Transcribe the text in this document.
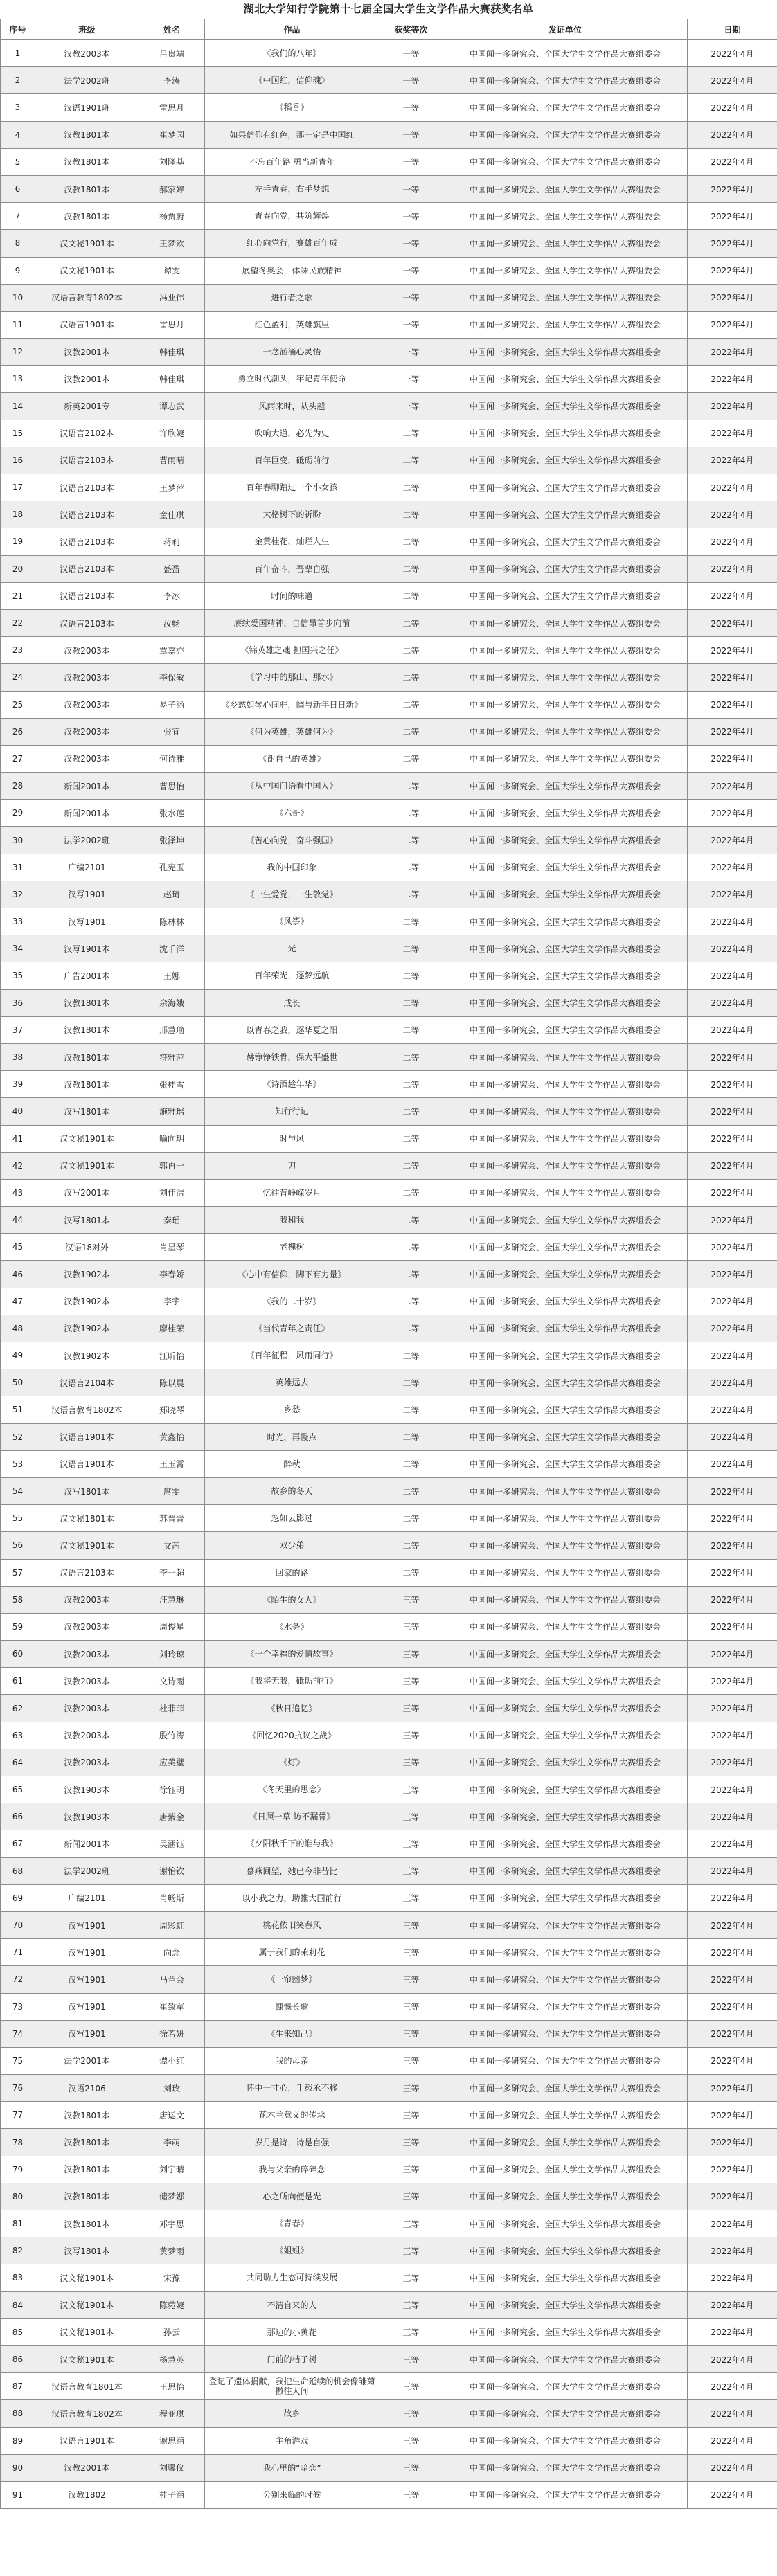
湖北大学知行学院第十七届全国大学生文学作品大赛获奖名单
序号	班级	姓名	作品	获奖等次	发证单位	日期
1	汉教2003本	吕贵靖	《我们的八年》	一等	中国闻一多研究会、全国大学生文学作品大赛组委会	2022年4月
2	法学2002班	李涛	《中国红，信仰魂》	一等	中国闻一多研究会、全国大学生文学作品大赛组委会	2022年4月
3	汉语1901班	雷思月	《稻香》	一等	中国闻一多研究会、全国大学生文学作品大赛组委会	2022年4月
4	汉教1801本	崔梦园	如果信仰有红色，那一定是中国红	一等	中国闻一多研究会、全国大学生文学作品大赛组委会	2022年4月
5	汉教1801本	刘隆基	不忘百年路 勇当新青年	一等	中国闻一多研究会、全国大学生文学作品大赛组委会	2022年4月
6	汉教1801本	郝家婷	左手青春，右手梦想	一等	中国闻一多研究会、全国大学生文学作品大赛组委会	2022年4月
7	汉教1801本	杨贾蔚	青春向党，共筑辉煌	一等	中国闻一多研究会、全国大学生文学作品大赛组委会	2022年4月
8	汉文秘1901本	王梦欢	红心向党行，赛雄百年成	一等	中国闻一多研究会、全国大学生文学作品大赛组委会	2022年4月
9	汉文秘1901本	谭雯	展望冬奥会，体味民族精神	一等	中国闻一多研究会、全国大学生文学作品大赛组委会	2022年4月
10	汉语言教育1802本	冯业伟	进行者之歌	一等	中国闻一多研究会、全国大学生文学作品大赛组委会	2022年4月
11	汉语言1901本	雷思月	红色盈利，英雄旗里	一等	中国闻一多研究会、全国大学生文学作品大赛组委会	2022年4月
12	汉教2001本	韩佳琪	一念涵涌心灵悟	一等	中国闻一多研究会、全国大学生文学作品大赛组委会	2022年4月
13	汉教2001本	韩佳琪	勇立时代潮头，牢记青年使命	一等	中国闻一多研究会、全国大学生文学作品大赛组委会	2022年4月
14	新英2001专	谭志武	风雨来时，从头越	一等	中国闻一多研究会、全国大学生文学作品大赛组委会	2022年4月
15	汉语言2102本	许欣婕	吹响大道，必先为史	二等	中国闻一多研究会、全国大学生文学作品大赛组委会	2022年4月
16	汉语言2103本	曹雨晴	百年巨变，砥砺前行	二等	中国闻一多研究会、全国大学生文学作品大赛组委会	2022年4月
17	汉语言2103本	王梦萍	百年春聊踏过一个小女孩	二等	中国闻一多研究会、全国大学生文学作品大赛组委会	2022年4月
18	汉语言2103本	童佳琪	大格树下的祈盼	二等	中国闻一多研究会、全国大学生文学作品大赛组委会	2022年4月
19	汉语言2103本	蒋莉	金黄桂花，灿烂人生	二等	中国闻一多研究会、全国大学生文学作品大赛组委会	2022年4月
20	汉语言2103本	盛盈	百年奋斗，吾辈自强	二等	中国闻一多研究会、全国大学生文学作品大赛组委会	2022年4月
21	汉语言2103本	李冰	时间的味道	二等	中国闻一多研究会、全国大学生文学作品大赛组委会	2022年4月
22	汉语言2103本	汝畅	赓续爱国精神，自信昂首步向前	二等	中国闻一多研究会、全国大学生文学作品大赛组委会	2022年4月
23	汉教2003本	覃嘉亦	《锦英雄之魂 担国兴之任》	二等	中国闻一多研究会、全国大学生文学作品大赛组委会	2022年4月
24	汉教2003本	李保敏	《学习中的那山、那水》	二等	中国闻一多研究会、全国大学生文学作品大赛组委会	2022年4月
25	汉教2003本	易子涵	《乡愁如琴心间驻，阔与新年日日新》	二等	中国闻一多研究会、全国大学生文学作品大赛组委会	2022年4月
26	汉教2003本	张宜	《何为英雄，英雄何为》	二等	中国闻一多研究会、全国大学生文学作品大赛组委会	2022年4月
27	汉教2003本	何诗雅	《谢自己的英雄》	二等	中国闻一多研究会、全国大学生文学作品大赛组委会	2022年4月
28	新闻2001本	曹思怡	《从中国门语看中国人》	二等	中国闻一多研究会、全国大学生文学作品大赛组委会	2022年4月
29	新闻2001本	张水莲	《六哥》	二等	中国闻一多研究会、全国大学生文学作品大赛组委会	2022年4月
30	法学2002班	张泽坤	《苦心向党，奋斗强国》	二等	中国闻一多研究会、全国大学生文学作品大赛组委会	2022年4月
31	广编2101	孔宪玉	我的中国印象	二等	中国闻一多研究会、全国大学生文学作品大赛组委会	2022年4月
32	汉写1901	赵琦	《一生爱党，一生敬党》	二等	中国闻一多研究会、全国大学生文学作品大赛组委会	2022年4月
33	汉写1901	陈林林	《风筝》	二等	中国闻一多研究会、全国大学生文学作品大赛组委会	2022年4月
34	汉写1901本	沈千洋	光	二等	中国闻一多研究会、全国大学生文学作品大赛组委会	2022年4月
35	广告2001本	王娜	百年荣光，逐梦远航	二等	中国闻一多研究会、全国大学生文学作品大赛组委会	2022年4月
36	汉教1801本	余海娥	成长	二等	中国闻一多研究会、全国大学生文学作品大赛组委会	2022年4月
37	汉教1801本	邢慧瑜	以青春之我，逐华夏之阳	二等	中国闻一多研究会、全国大学生文学作品大赛组委会	2022年4月
38	汉教1801本	符雅萍	赫铮铮铁骨，保大平盛世	二等	中国闻一多研究会、全国大学生文学作品大赛组委会	2022年4月
39	汉教1801本	张桂雪	《诗酒趁年华》	二等	中国闻一多研究会、全国大学生文学作品大赛组委会	2022年4月
40	汉写1801本	施雅瑶	知行行记	二等	中国闻一多研究会、全国大学生文学作品大赛组委会	2022年4月
41	汉文秘1901本	喻向玥	时与风	二等	中国闻一多研究会、全国大学生文学作品大赛组委会	2022年4月
42	汉文秘1901本	郭再一	刀	二等	中国闻一多研究会、全国大学生文学作品大赛组委会	2022年4月
43	汉写2001本	刘佳洁	忆往昔峥嵘岁月	二等	中国闻一多研究会、全国大学生文学作品大赛组委会	2022年4月
44	汉写1801本	秦瑶	我和我	二等	中国闻一多研究会、全国大学生文学作品大赛组委会	2022年4月
45	汉语18对外	肖星琴	老槐树	二等	中国闻一多研究会、全国大学生文学作品大赛组委会	2022年4月
46	汉教1902本	李春娇	《心中有信仰，脚下有力量》	二等	中国闻一多研究会、全国大学生文学作品大赛组委会	2022年4月
47	汉教1902本	李宇	《我的二十岁》	二等	中国闻一多研究会、全国大学生文学作品大赛组委会	2022年4月
48	汉教1902本	廖桂荣	《当代青年之责任》	二等	中国闻一多研究会、全国大学生文学作品大赛组委会	2022年4月
49	汉教1902本	江昕怡	《百年征程，风雨同行》	二等	中国闻一多研究会、全国大学生文学作品大赛组委会	2022年4月
50	汉语言2104本	陈以晨	英雄远去	二等	中国闻一多研究会、全国大学生文学作品大赛组委会	2022年4月
51	汉语言教育1802本	郑晓琴	乡愁	二等	中国闻一多研究会、全国大学生文学作品大赛组委会	2022年4月
52	汉语言1901本	黄鑫怡	时光，再慢点	二等	中国闻一多研究会、全国大学生文学作品大赛组委会	2022年4月
53	汉语言1901本	王玉霄	醉秋	二等	中国闻一多研究会、全国大学生文学作品大赛组委会	2022年4月
54	汉写1801本	席雯	故乡的冬天	二等	中国闻一多研究会、全国大学生文学作品大赛组委会	2022年4月
55	汉文秘1801本	苏晋晋	忽如云影过	二等	中国闻一多研究会、全国大学生文学作品大赛组委会	2022年4月
56	汉文秘1901本	文茜	双少弟	二等	中国闻一多研究会、全国大学生文学作品大赛组委会	2022年4月
57	汉语言2103本	李一超	回家的路	二等	中国闻一多研究会、全国大学生文学作品大赛组委会	2022年4月
58	汉教2003本	汪慧琳	《陌生的女人》	三等	中国闻一多研究会、全国大学生文学作品大赛组委会	2022年4月
59	汉教2003本	周俊星	《水务》	三等	中国闻一多研究会、全国大学生文学作品大赛组委会	2022年4月
60	汉教2003本	刘玲琼	《一个幸福的爱情故事》	三等	中国闻一多研究会、全国大学生文学作品大赛组委会	2022年4月
61	汉教2003本	文诗雨	《我将无我，砥砺前行》	三等	中国闻一多研究会、全国大学生文学作品大赛组委会	2022年4月
62	汉教2003本	杜菲菲	《秋日追忆》	三等	中国闻一多研究会、全国大学生文学作品大赛组委会	2022年4月
63	汉教2003本	殷竹涛	《回忆2020抗议之战》	三等	中国闻一多研究会、全国大学生文学作品大赛组委会	2022年4月
64	汉教2003本	应美璧	《灯》	三等	中国闻一多研究会、全国大学生文学作品大赛组委会	2022年4月
65	汉教1903本	徐钰明	《冬天里的思念》	三等	中国闻一多研究会、全国大学生文学作品大赛组委会	2022年4月
66	汉教1903本	唐紫金	《日照一草 访不漏骨》	三等	中国闻一多研究会、全国大学生文学作品大赛组委会	2022年4月
67	新闻2001本	吴涵钰	《夕阳秋千下的谁与我》	三等	中国闻一多研究会、全国大学生文学作品大赛组委会	2022年4月
68	法学2002班	谢怡钦	慕燕回望，她已今非昔比	三等	中国闻一多研究会、全国大学生文学作品大赛组委会	2022年4月
69	广编2101	肖畅斯	以小我之力，助推大国前行	三等	中国闻一多研究会、全国大学生文学作品大赛组委会	2022年4月
70	汉写1901	周彩虹	桃花依旧笑春风	三等	中国闻一多研究会、全国大学生文学作品大赛组委会	2022年4月
71	汉写1901	向念	属于我们的茉莉花	三等	中国闻一多研究会、全国大学生文学作品大赛组委会	2022年4月
72	汉写1901	马兰会	《一帘幽梦》	三等	中国闻一多研究会、全国大学生文学作品大赛组委会	2022年4月
73	汉写1901	崔致军	慷慨长歌	三等	中国闻一多研究会、全国大学生文学作品大赛组委会	2022年4月
74	汉写1901	徐若妍	《生来知己》	三等	中国闻一多研究会、全国大学生文学作品大赛组委会	2022年4月
75	法学2001本	谭小红	我的母亲	三等	中国闻一多研究会、全国大学生文学作品大赛组委会	2022年4月
76	汉语2106	刘玫	怀中一寸心，千载永不移	三等	中国闻一多研究会、全国大学生文学作品大赛组委会	2022年4月
77	汉教1801本	唐运文	花木兰意义的传承	三等	中国闻一多研究会、全国大学生文学作品大赛组委会	2022年4月
78	汉教1801本	李萌	岁月是诗，诗是自强	三等	中国闻一多研究会、全国大学生文学作品大赛组委会	2022年4月
79	汉教1801本	刘宇晴	我与父亲的碎碎念	三等	中国闻一多研究会、全国大学生文学作品大赛组委会	2022年4月
80	汉教1801本	储梦娜	心之所向便是光	三等	中国闻一多研究会、全国大学生文学作品大赛组委会	2022年4月
81	汉教1801本	邓宇思	《青春》	三等	中国闻一多研究会、全国大学生文学作品大赛组委会	2022年4月
82	汉写1801本	黄梦雨	《姐姐》	三等	中国闻一多研究会、全国大学生文学作品大赛组委会	2022年4月
83	汉文秘1901本	宋豫	共同助力生态可持续发展	三等	中国闻一多研究会、全国大学生文学作品大赛组委会	2022年4月
84	汉文秘1901本	陈菀婕	不清自来的人	三等	中国闻一多研究会、全国大学生文学作品大赛组委会	2022年4月
85	汉文秘1901本	孙云	那边的小黄花	三等	中国闻一多研究会、全国大学生文学作品大赛组委会	2022年4月
86	汉文秘1901本	杨慧英	门前的桔子树	三等	中国闻一多研究会、全国大学生文学作品大赛组委会	2022年4月
87	汉语言教育1801本	王思怡	登记了遗体捐献，我把生命延续的机会像雏菊撒往人间	三等	中国闻一多研究会、全国大学生文学作品大赛组委会	2022年4月
88	汉语言教育1802本	程亚琪	故乡	三等	中国闻一多研究会、全国大学生文学作品大赛组委会	2022年4月
89	汉语言1901本	谢思涵	主角游戏	三等	中国闻一多研究会、全国大学生文学作品大赛组委会	2022年4月
90	汉教2001本	刘馨仪	我心里的“暗恋”	三等	中国闻一多研究会、全国大学生文学作品大赛组委会	2022年4月
91	汉教1802	桂子涵	分别来临的时候	三等	中国闻一多研究会、全国大学生文学作品大赛组委会	2022年4月
